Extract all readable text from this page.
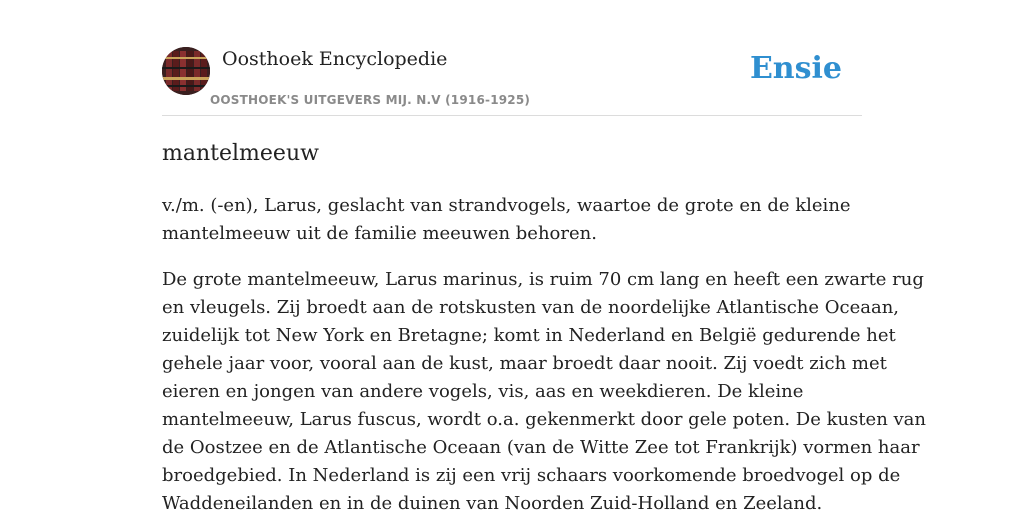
Oosthoek Encyclopedie
OOSTHOEK'S UITGEVERS MIJ. N.V (1916-1925)
Ensie
mantelmeeuw

v./m. (-en), Larus, geslacht van strandvogels, waartoe de grote en de kleine
mantelmeeuw uit de familie meeuwen behoren.

De grote mantelmeeuw, Larus marinus, is ruim 70 cm lang en heeft een zwarte rug
en vleugels. Zij broedt aan de rotskusten van de noordelijke Atlantische Oceaan,
zuidelijk tot New York en Bretagne; komt in Nederland en België gedurende het
gehele jaar voor, vooral aan de kust, maar broedt daar nooit. Zij voedt zich met
eieren en jongen van andere vogels, vis, aas en weekdieren. De kleine
mantelmeeuw, Larus fuscus, wordt o.a. gekenmerkt door gele poten. De kusten van
de Oostzee en de Atlantische Oceaan (van de Witte Zee tot Frankrijk) vormen haar
broedgebied. In Nederland is zij een vrij schaars voorkomende broedvogel op de
Waddeneilanden en in de duinen van Noorden Zuid-Holland en Zeeland.
